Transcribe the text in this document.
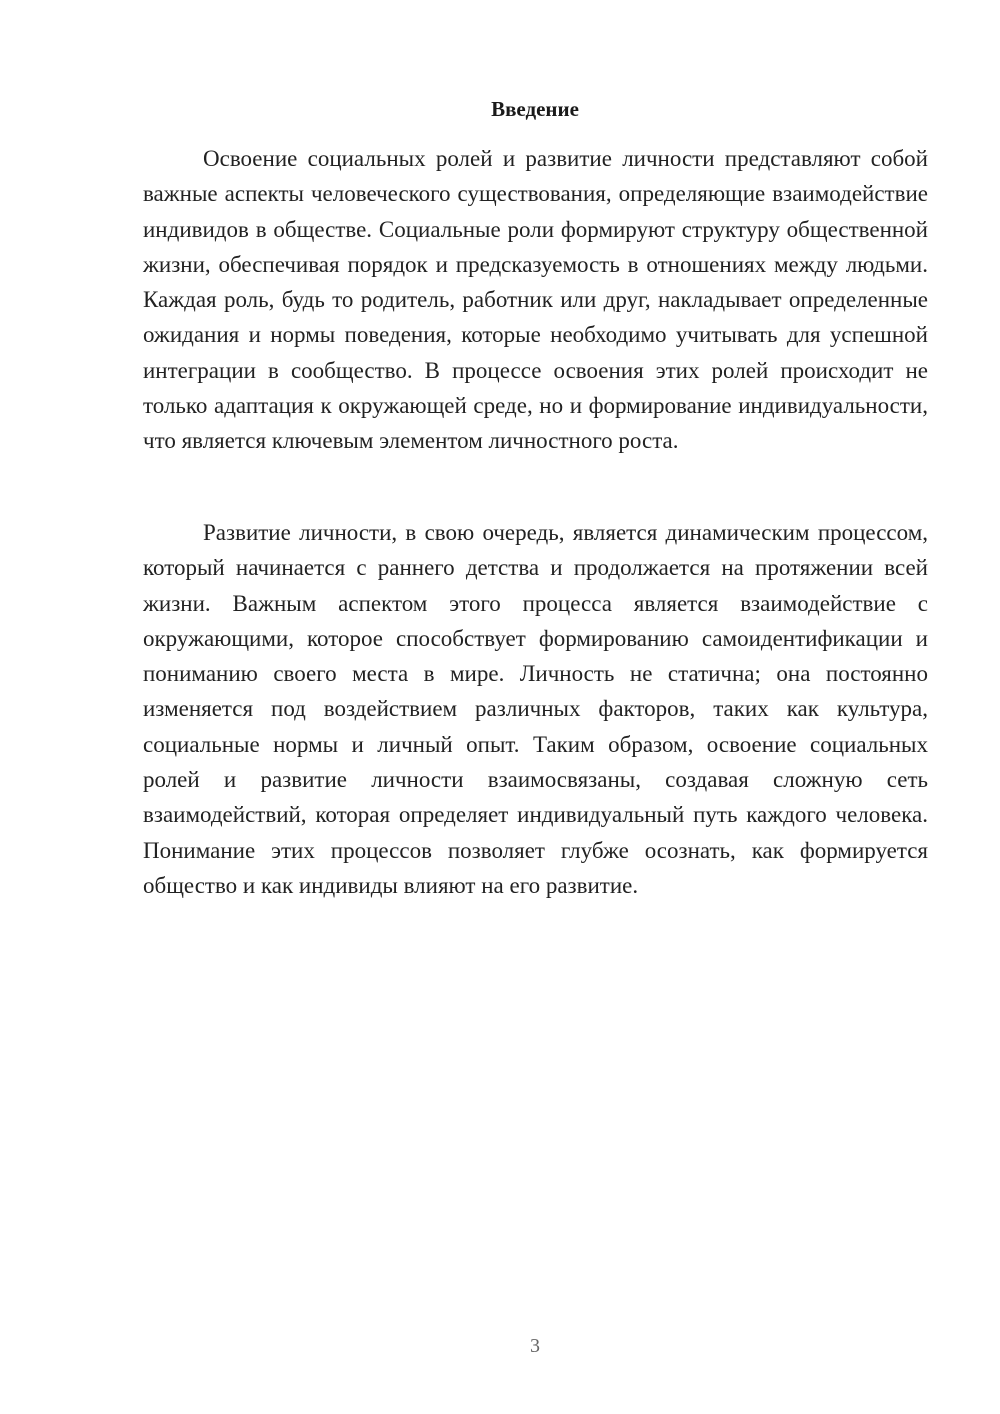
Введение

Освоение социальных ролей и развитие личности представляют собой важные аспекты человеческого существования, определяющие взаимодействие индивидов в обществе. Социальные роли формируют структуру общественной жизни, обеспечивая порядок и предсказуемость в отношениях между людьми. Каждая роль, будь то родитель, работник или друг, накладывает определенные ожидания и нормы поведения, которые необходимо учитывать для успешной интеграции в сообщество. В процессе освоения этих ролей происходит не только адаптация к окружающей среде, но и формирование индивидуальности, что является ключевым элементом личностного роста.

Развитие личности, в свою очередь, является динамическим процессом, который начинается с раннего детства и продолжается на протяжении всей жизни. Важным аспектом этого процесса является взаимодействие с окружающими, которое способствует формированию самоидентификации и пониманию своего места в мире. Личность не статична; она постоянно изменяется под воздействием различных факторов, таких как культура, социальные нормы и личный опыт. Таким образом, освоение социальных ролей и развитие личности взаимосвязаны, создавая сложную сеть взаимодействий, которая определяет индивидуальный путь каждого человека. Понимание этих процессов позволяет глубже осознать, как формируется общество и как индивиды влияют на его развитие.

3
